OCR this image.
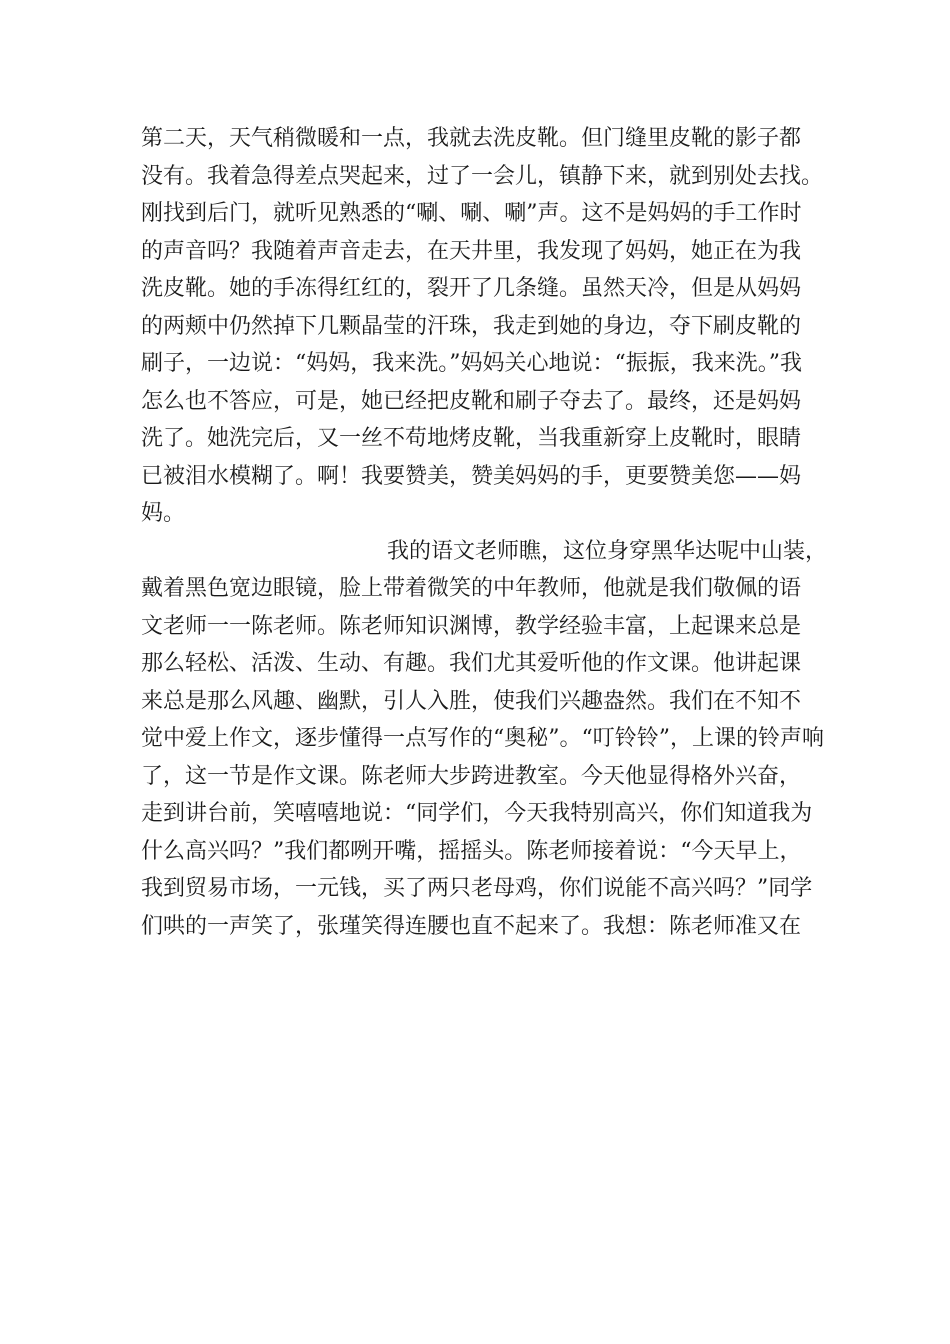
第二天，天气稍微暖和一点，我就去洗皮靴。但门缝里皮靴的影子都
没有。我着急得差点哭起来，过了一会儿，镇静下来，就到别处去找。
刚找到后门，就听见熟悉的“唰、唰、唰”声。这不是妈妈的手工作时
的声音吗？我随着声音走去，在天井里，我发现了妈妈，她正在为我
洗皮靴。她的手冻得红红的，裂开了几条缝。虽然天冷，但是从妈妈
的两颊中仍然掉下几颗晶莹的汗珠，我走到她的身边，夺下刷皮靴的
刷子，一边说：“妈妈，我来洗。”妈妈关心地说：“振振，我来洗。”我
怎么也不答应，可是，她已经把皮靴和刷子夺去了。最终，还是妈妈
洗了。她洗完后，又一丝不苟地烤皮靴，当我重新穿上皮靴时，眼睛
已被泪水模糊了。啊！我要赞美，赞美妈妈的手，更要赞美您——妈
妈。
我的语文老师瞧，这位身穿黑华达呢中山装，
戴着黑色宽边眼镜，脸上带着微笑的中年教师，他就是我们敬佩的语
文老师一一陈老师。陈老师知识渊博，教学经验丰富，上起课来总是
那么轻松、活泼、生动、有趣。我们尤其爱听他的作文课。他讲起课
来总是那么风趣、幽默，引人入胜，使我们兴趣盎然。我们在不知不
觉中爱上作文，逐步懂得一点写作的“奥秘”。“叮铃铃”，上课的铃声响
了，这一节是作文课。陈老师大步跨进教室。今天他显得格外兴奋，
走到讲台前，笑嘻嘻地说：“同学们，今天我特别高兴，你们知道我为
什么高兴吗？”我们都咧开嘴，摇摇头。陈老师接着说：“今天早上，
我到贸易市场，一元钱，买了两只老母鸡，你们说能不高兴吗？”同学
们哄的一声笑了，张瑾笑得连腰也直不起来了。我想：陈老师准又在
